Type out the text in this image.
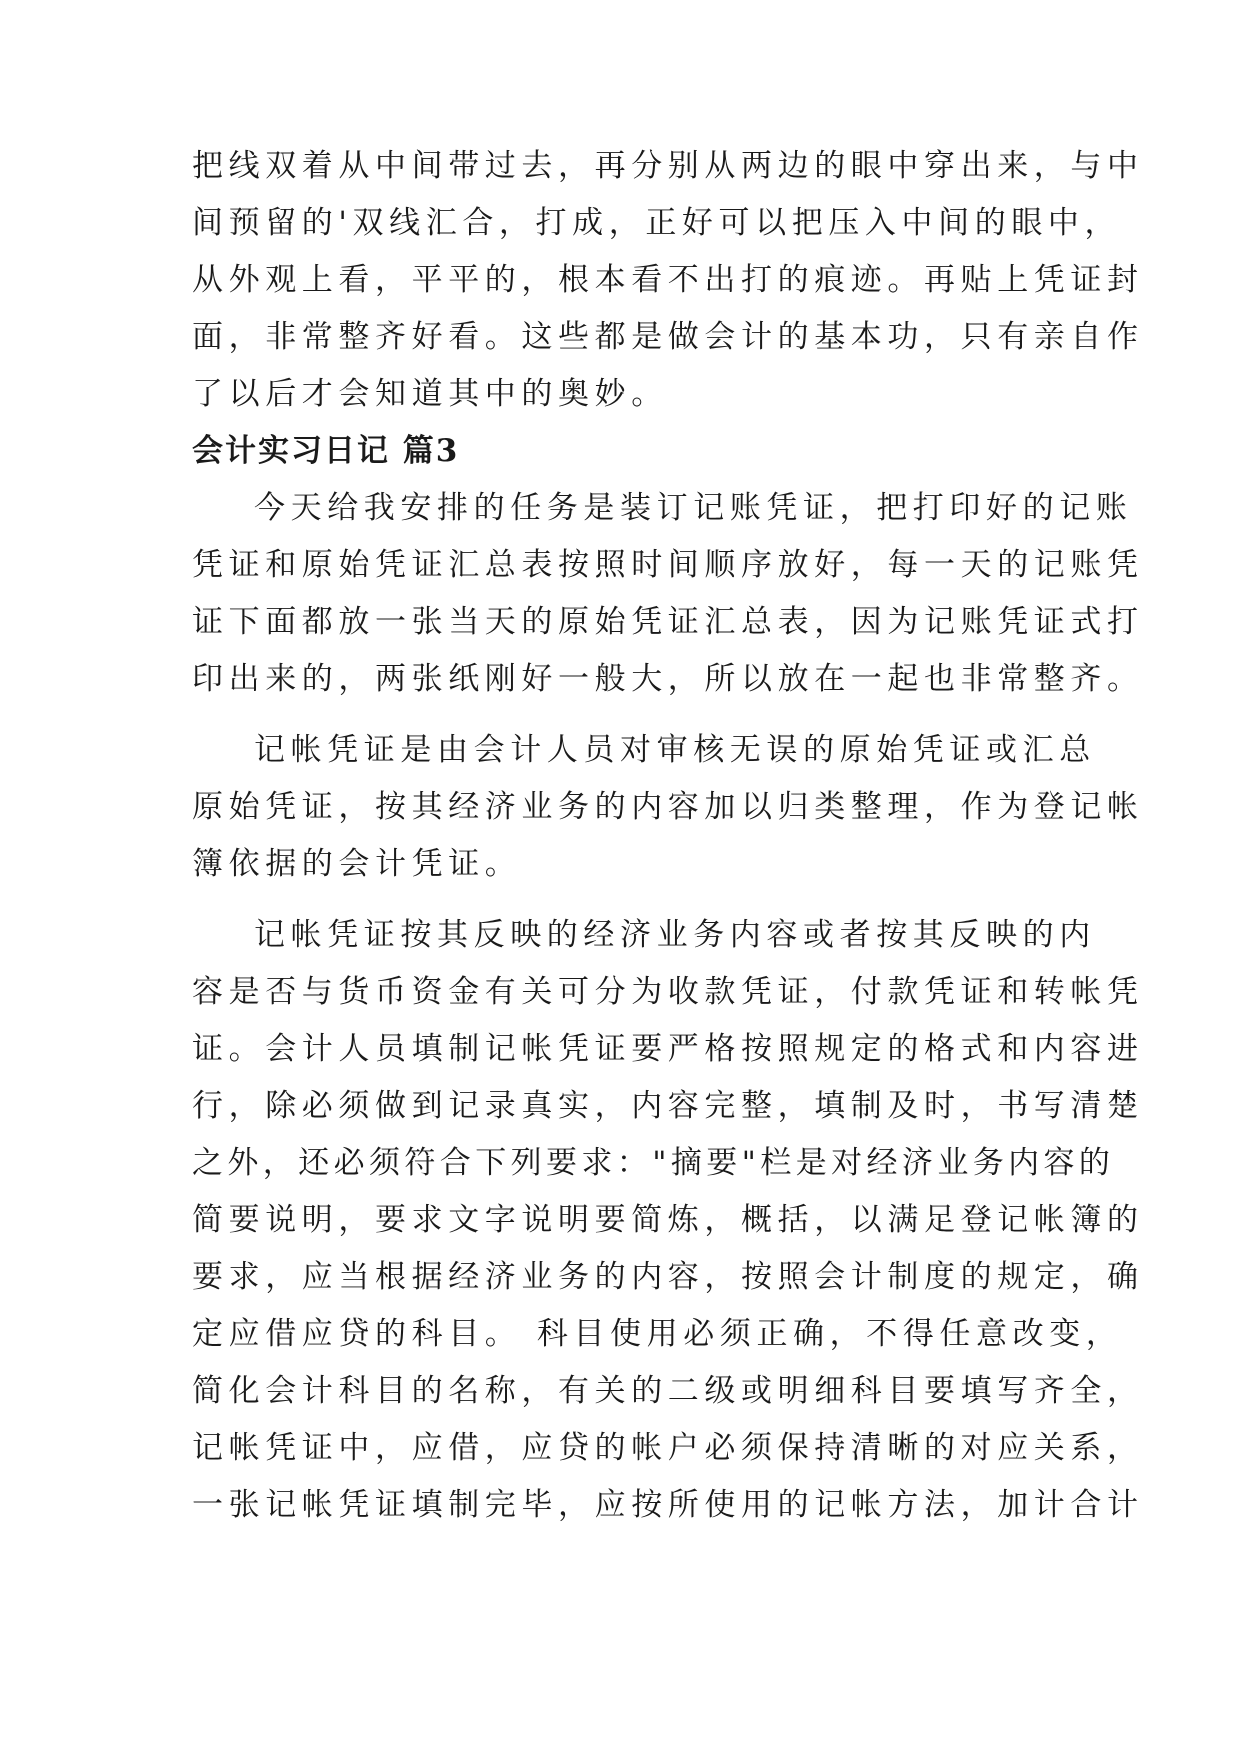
把线双着从中间带过去，再分别从两边的眼中穿出来，与中

间预留的'双线汇合，打成，正好可以把压入中间的眼中，

从外观上看，平平的，根本看不出打的痕迹。再贴上凭证封

面，非常整齐好看。这些都是做会计的基本功，只有亲自作

了以后才会知道其中的奥妙。

会计实习日记 篇3

今天给我安排的任务是装订记账凭证，把打印好的记账

凭证和原始凭证汇总表按照时间顺序放好，每一天的记账凭

证下面都放一张当天的原始凭证汇总表，因为记账凭证式打

印出来的，两张纸刚好一般大，所以放在一起也非常整齐。

记帐凭证是由会计人员对审核无误的原始凭证或汇总

原始凭证，按其经济业务的内容加以归类整理，作为登记帐

簿依据的会计凭证。

记帐凭证按其反映的经济业务内容或者按其反映的内

容是否与货币资金有关可分为收款凭证，付款凭证和转帐凭

证。会计人员填制记帐凭证要严格按照规定的格式和内容进

行，除必须做到记录真实，内容完整，填制及时，书写清楚

之外，还必须符合下列要求："摘要"栏是对经济业务内容的

简要说明，要求文字说明要简炼，概括，以满足登记帐簿的

要求，应当根据经济业务的内容，按照会计制度的规定，确

定应借应贷的科目。 科目使用必须正确，不得任意改变，

简化会计科目的名称，有关的二级或明细科目要填写齐全，

记帐凭证中，应借，应贷的帐户必须保持清晰的对应关系，

一张记帐凭证填制完毕，应按所使用的记帐方法，加计合计
